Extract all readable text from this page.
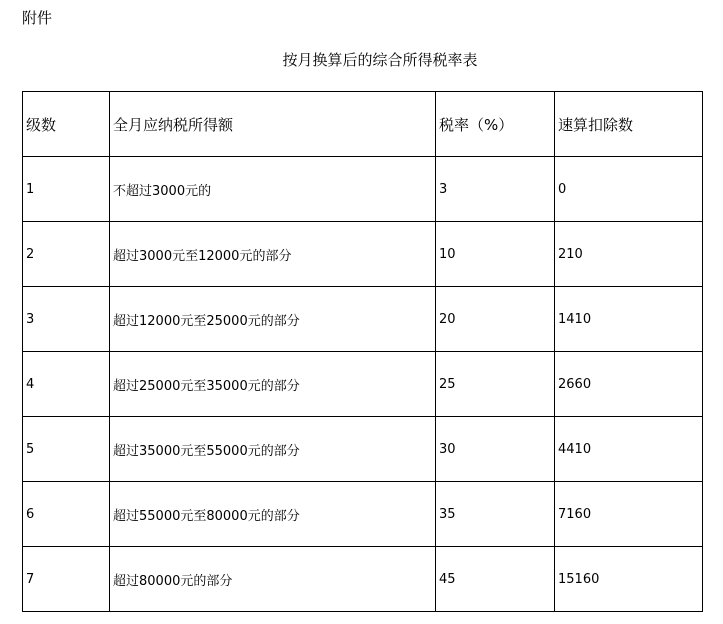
附件
按月换算后的综合所得税率表
级数	全月应纳税所得额	税率（%）	速算扣除数
1	不超过3000元的	3	0
2	超过3000元至12000元的部分	10	210
3	超过12000元至25000元的部分	20	1410
4	超过25000元至35000元的部分	25	2660
5	超过35000元至55000元的部分	30	4410
6	超过55000元至80000元的部分	35	7160
7	超过80000元的部分	45	15160
